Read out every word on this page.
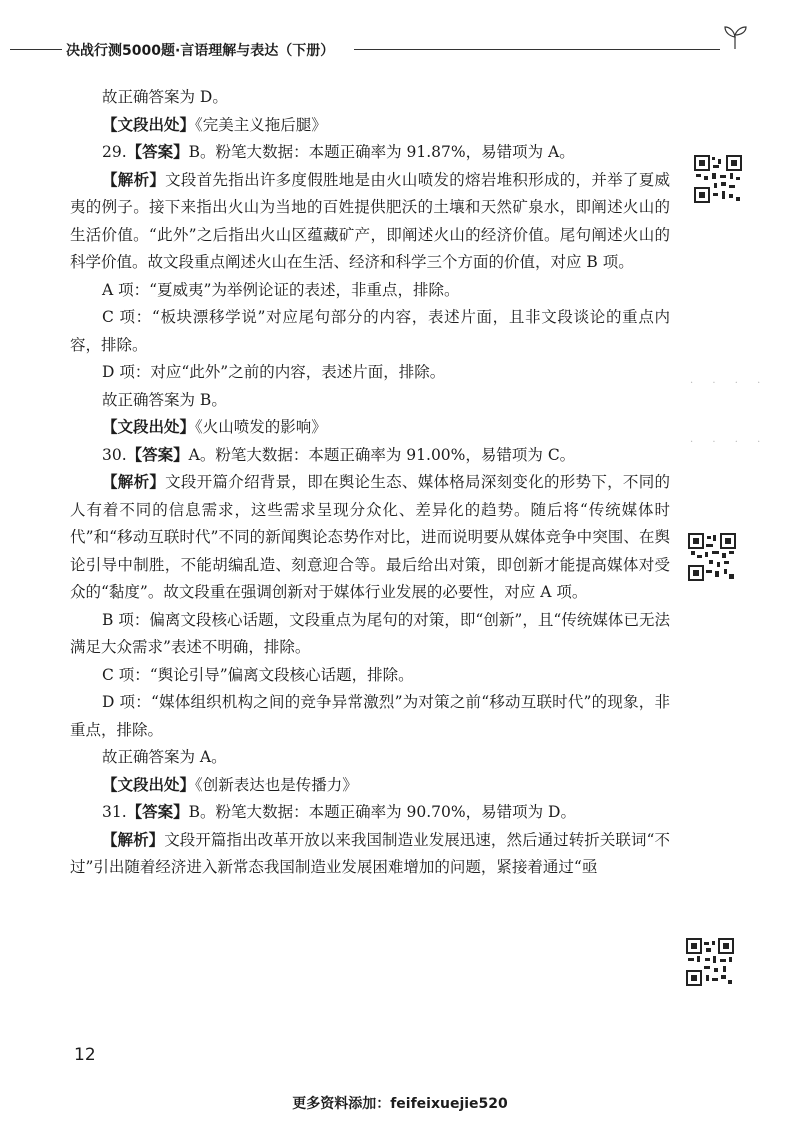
决战行测5000题·言语理解与表达（下册）

故正确答案为 D。

【文段出处】《完美主义拖后腿》

29.【答案】B。粉笔大数据：本题正确率为 91.87%，易错项为 A。

【解析】文段首先指出许多度假胜地是由火山喷发的熔岩堆积形成的，并举了夏威夷的例子。接下来指出火山为当地的百姓提供肥沃的土壤和天然矿泉水，即阐述火山的生活价值。“此外”之后指出火山区蕴藏矿产，即阐述火山的经济价值。尾句阐述火山的科学价值。故文段重点阐述火山在生活、经济和科学三个方面的价值，对应 B 项。

A 项：“夏威夷”为举例论证的表述，非重点，排除。

C 项：“板块漂移学说”对应尾句部分的内容，表述片面，且非文段谈论的重点内容，排除。

D 项：对应“此外”之前的内容，表述片面，排除。

故正确答案为 B。

【文段出处】《火山喷发的影响》

30.【答案】A。粉笔大数据：本题正确率为 91.00%，易错项为 C。

【解析】文段开篇介绍背景，即在舆论生态、媒体格局深刻变化的形势下，不同的人有着不同的信息需求，这些需求呈现分众化、差异化的趋势。随后将“传统媒体时代”和“移动互联时代”不同的新闻舆论态势作对比，进而说明要从媒体竞争中突围、在舆论引导中制胜，不能胡编乱造、刻意迎合等。最后给出对策，即创新才能提高媒体对受众的“黏度”。故文段重在强调创新对于媒体行业发展的必要性，对应 A 项。

B 项：偏离文段核心话题，文段重点为尾句的对策，即“创新”，且“传统媒体已无法满足大众需求”表述不明确，排除。

C 项：“舆论引导”偏离文段核心话题，排除。

D 项：“媒体组织机构之间的竞争异常激烈”为对策之前“移动互联时代”的现象，非重点，排除。

故正确答案为 A。

【文段出处】《创新表达也是传播力》

31.【答案】B。粉笔大数据：本题正确率为 90.70%，易错项为 D。

【解析】文段开篇指出改革开放以来我国制造业发展迅速，然后通过转折关联词“不过”引出随着经济进入新常态我国制造业发展困难增加的问题，紧接着通过“亟

· · · ·
· · · ·
12
更多资料添加：feifeixuejie520
